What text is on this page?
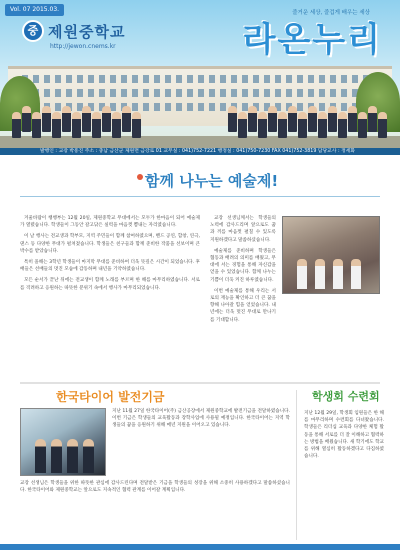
Vol. 07 2015.03.
중 제원중학교
http://jewon.cnems.kr
즐거운 세상, 즐겁게 배우는 세상
라온누리
발행인 : 교장 박흥진 주소 : 충남 금산군 제원면 금강로 01 교무실 : 041)752-7221 행정실 : 041)750-7230 FAX 041)752-3819 담당교사 : 정세화
함께 나누는 예술제!

겨울바람이 쌩쌩부는 12월 20일, 제원중학교 무대에서는 모두가 한마음이 되어 예술제가 열렸습니다. 학생들이 그동안 갈고닦은 실력을 마음껏 뽐내는 자리였습니다.

이 날 행사는 전교생과 학부모, 지역 주민들이 함께 참여하였으며, 밴드 공연, 합창, 연극, 댄스 등 다양한 무대가 펼쳐졌습니다. 학생들은 친구들과 함께 준비한 작품을 선보이며 큰 박수를 받았습니다.

특히 올해는 3학년 학생들이 마지막 무대를 준비하여 더욱 뜻깊은 시간이 되었습니다. 후배들은 선배들의 멋진 모습에 감동하며 내년을 기약하였습니다.

모든 순서가 끝난 뒤에는 전교생이 함께 노래를 부르며 한 해를 마무리하였습니다. 서로를 격려하고 응원하는 따뜻한 분위기 속에서 행사가 마무리되었습니다.

교장 선생님께서는 학생들의 노력에 감사드리며 앞으로도 꿈과 끼를 마음껏 펼칠 수 있도록 지원하겠다고 말씀하셨습니다.

예술제를 준비하며 학생들은 협동과 배려의 의미를 배웠고, 무대에 서는 경험을 통해 자신감을 얻을 수 있었습니다. 함께 나누는 기쁨이 더욱 커진 하루였습니다.

이번 예술제를 통해 우리는 서로의 재능을 확인하고 더 큰 꿈을 향해 나아갈 힘을 얻었습니다. 내년에는 더욱 멋진 무대로 만나기를 기대합니다.

한국타이어 발전기금
지난 11월 27일 한국타이어(주) 금산공장에서 제원중학교에 발전기금을 전달하였습니다. 이번 기금은 학생들의 교육활동과 장학사업에 사용될 예정입니다. 한국타이어는 지역 학생들의 꿈을 응원하기 위해 매년 지원을 이어오고 있습니다.
교장 선생님은 학생들을 위한 따뜻한 관심에 감사드린다며 전달받은 기금을 학생들의 성장을 위해 소중히 사용하겠다고 말씀하셨습니다. 한국타이어와 제원중학교는 앞으로도 지속적인 협력 관계를 이어갈 계획입니다.
학생회 수련회
지난 12월 29일, 학생회 임원들은 한 해를 마무리하며 수련회를 다녀왔습니다. 학생들은 리더십 교육과 다양한 체험 활동을 통해 서로를 더 잘 이해하고 협력하는 방법을 배웠습니다. 새 학기에도 학교를 위해 열심히 활동하겠다고 다짐하였습니다.
